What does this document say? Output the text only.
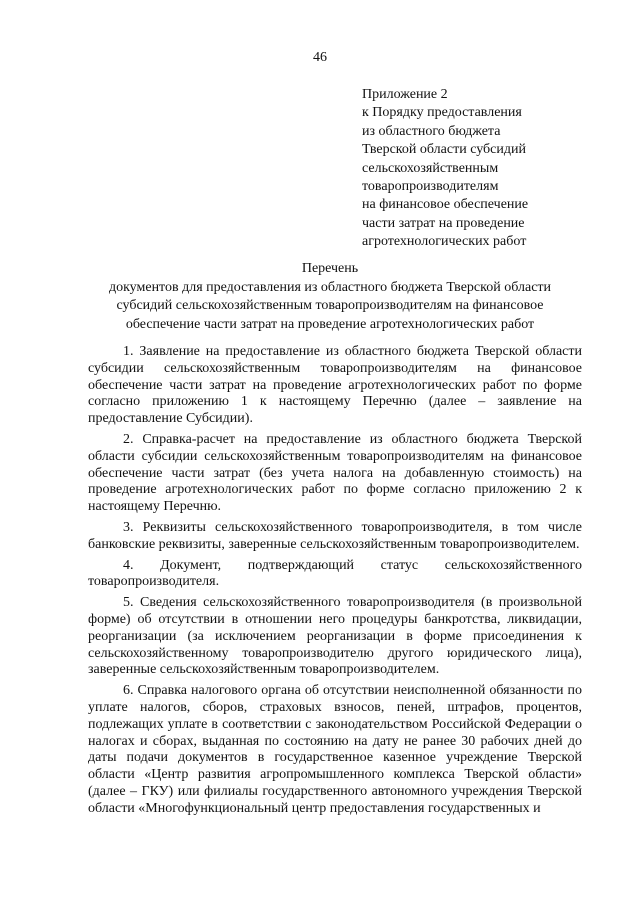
46
Приложение 2
к Порядку предоставления
из областного бюджета
Тверской области субсидий
сельскохозяйственным
товаропроизводителям
на финансовое обеспечение
части затрат на проведение
агротехнологических работ
Перечень
документов для предоставления из областного бюджета Тверской области
субсидий сельскохозяйственным товаропроизводителям на финансовое
обеспечение части затрат на проведение агротехнологических работ

1. Заявление на предоставление из областного бюджета Тверской области субсидии сельскохозяйственным товаропроизводителям на финансовое обеспечение части затрат на проведение агротехнологических работ по форме согласно приложению 1 к настоящему Перечню (далее – заявление на предоставление Субсидии).

2. Справка-расчет на предоставление из областного бюджета Тверской области субсидии сельскохозяйственным товаропроизводителям на финансовое обеспечение части затрат (без учета налога на добавленную стоимость) на проведение агротехнологических работ по форме согласно приложению 2 к настоящему Перечню.

3. Реквизиты сельскохозяйственного товаропроизводителя, в том числе банковские реквизиты, заверенные сельскохозяйственным товаропроизводителем.

4. Документ, подтверждающий статус сельскохозяйственного товаропроизводителя.

5. Сведения сельскохозяйственного товаропроизводителя (в произвольной форме) об отсутствии в отношении него процедуры банкротства, ликвидации, реорганизации (за исключением реорганизации в форме присоединения к сельскохозяйственному товаропроизводителю другого юридического лица), заверенные сельскохозяйственным товаропроизводителем.

6. Справка налогового органа об отсутствии неисполненной обязанности по уплате налогов, сборов, страховых взносов, пеней, штрафов, процентов, подлежащих уплате в соответствии с законодательством Российской Федерации о налогах и сборах, выданная по состоянию на дату не ранее 30 рабочих дней до даты подачи документов в государственное казенное учреждение Тверской области «Центр развития агропромышленного комплекса Тверской области» (далее – ГКУ) или филиалы государственного автономного учреждения Тверской области «Многофункциональный центр предоставления государственных и
